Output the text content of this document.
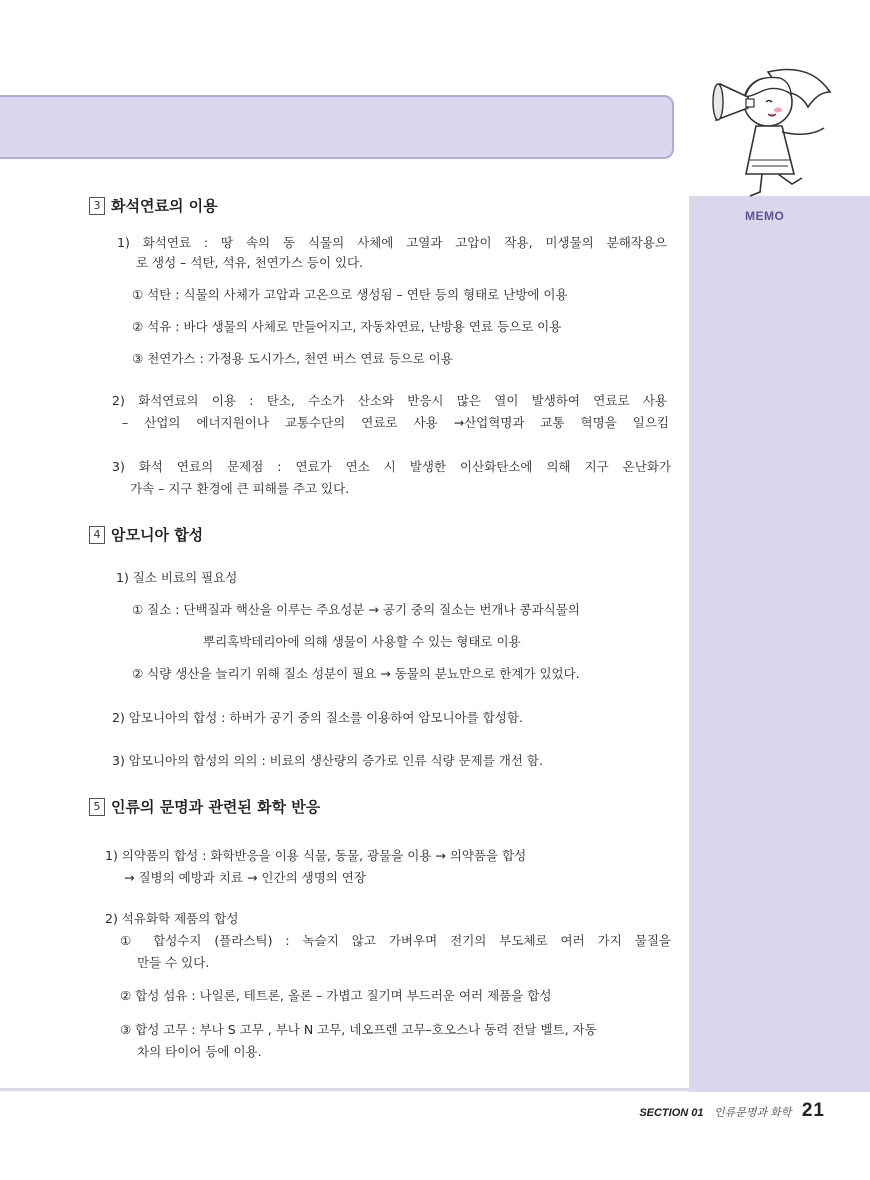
MEMO
3 화석연료의 이용
1) 화석연료 : 땅 속의 동 식물의 사체에 고열과 고압이 작용, 미생물의 분해작용으
로 생성 – 석탄, 석유, 천연가스 등이 있다.
① 석탄 : 식물의 사체가 고압과 고온으로 생성됨 – 연탄 등의 형태로 난방에 이용
② 석유 : 바다 생물의 사체로 만들어지고, 자동차연료, 난방용 연료 등으로 이용
③ 천연가스 : 가정용 도시가스, 천연 버스 연료 등으로 이용
2) 화석연료의 이용 : 탄소, 수소가 산소와 반응시 많은 열이 발생하여 연료로 사용
– 산업의 에너지원이나 교통수단의 연료로 사용 →산업혁명과 교통 혁명을 일으킴
3) 화석 연료의 문제점 : 연료가 연소 시 발생한 이산화탄소에 의해 지구 온난화가
가속 – 지구 환경에 큰 피해를 주고 있다.
4 암모니아 합성
1) 질소 비료의 필요성
① 질소 : 단백질과 핵산을 이루는 주요성분 → 공기 중의 질소는 번개나 콩과식물의
뿌리혹박테리아에 의해 생물이 사용할 수 있는 형태로 이용
② 식량 생산을 늘리기 위해 질소 성분이 필요 → 동물의 분뇨만으로 한계가 있었다.
2) 암모니아의 합성 : 하버가 공기 중의 질소를 이용하여 암모니아를 합성함.
3) 암모니아의 합성의 의의 : 비료의 생산량의 증가로 인류 식량 문제를 개선 함.
5 인류의 문명과 관련된 화학 반응
1) 의약품의 합성 : 화학반응을 이용 식물, 동물, 광물을 이용 → 의약품을 합성
→ 질병의 예방과 치료 → 인간의 생명의 연장
2) 석유화학 제품의 합성
① 합성수지 (플라스틱) : 녹슬지 않고 가벼우며 전기의 부도체로 여러 가지 물질을
만들 수 있다.
② 합성 섬유 : 나일론, 테트론, 올론 – 가볍고 질기며 부드러운 여러 제품을 합성
③ 합성 고무 : 부나 S 고무 , 부나 N 고무, 네오프렌 고무–호오스나 동력 전달 벨트, 자동
차의 타이어 등에 이용.
SECTION 01 인류문명과 화학 21
